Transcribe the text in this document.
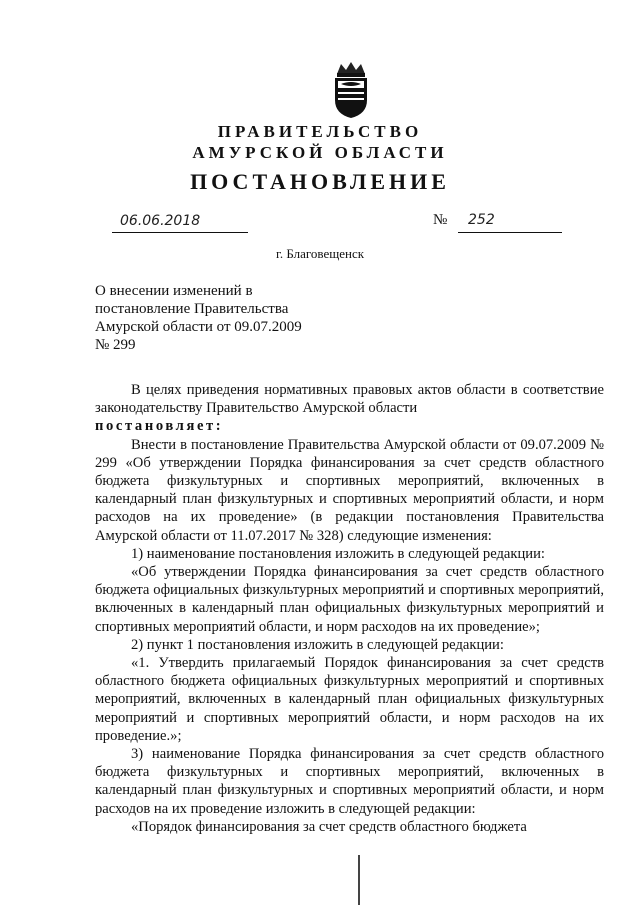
ПРАВИТЕЛЬСТВО
АМУРСКОЙ ОБЛАСТИ
ПОСТАНОВЛЕНИЕ
06.06.2018	№ 252
г. Благовещенск
О внесении изменений в
постановление Правительства
Амурской области от 09.07.2009
№ 299

В целях приведения нормативных правовых актов области в соответствие законодательству Правительство Амурской области

постановляет:

Внести в постановление Правительства Амурской области от 09.07.2009 № 299 «Об утверждении Порядка финансирования за счет средств областного бюджета физкультурных и спортивных мероприятий, включенных в календарный план физкультурных и спортивных мероприятий области, и норм расходов на их проведение» (в редакции постановления Правительства Амурской области от 11.07.2017 № 328) следующие изменения:

1) наименование постановления изложить в следующей редакции:

«Об утверждении Порядка финансирования за счет средств областного бюджета официальных физкультурных мероприятий и спортивных мероприятий, включенных в календарный план официальных физкультурных мероприятий и спортивных мероприятий области, и норм расходов на их проведение»;

2) пункт 1 постановления изложить в следующей редакции:

«1. Утвердить прилагаемый Порядок финансирования за счет средств областного бюджета официальных физкультурных мероприятий и спортивных мероприятий, включенных в календарный план официальных физкультурных мероприятий и спортивных мероприятий области, и норм расходов на их проведение.»;

3) наименование Порядка финансирования за счет средств областного бюджета физкультурных и спортивных мероприятий, включенных в календарный план физкультурных и спортивных мероприятий области, и норм расходов на их проведение изложить в следующей редакции:

«Порядок финансирования за счет средств областного бюджета
